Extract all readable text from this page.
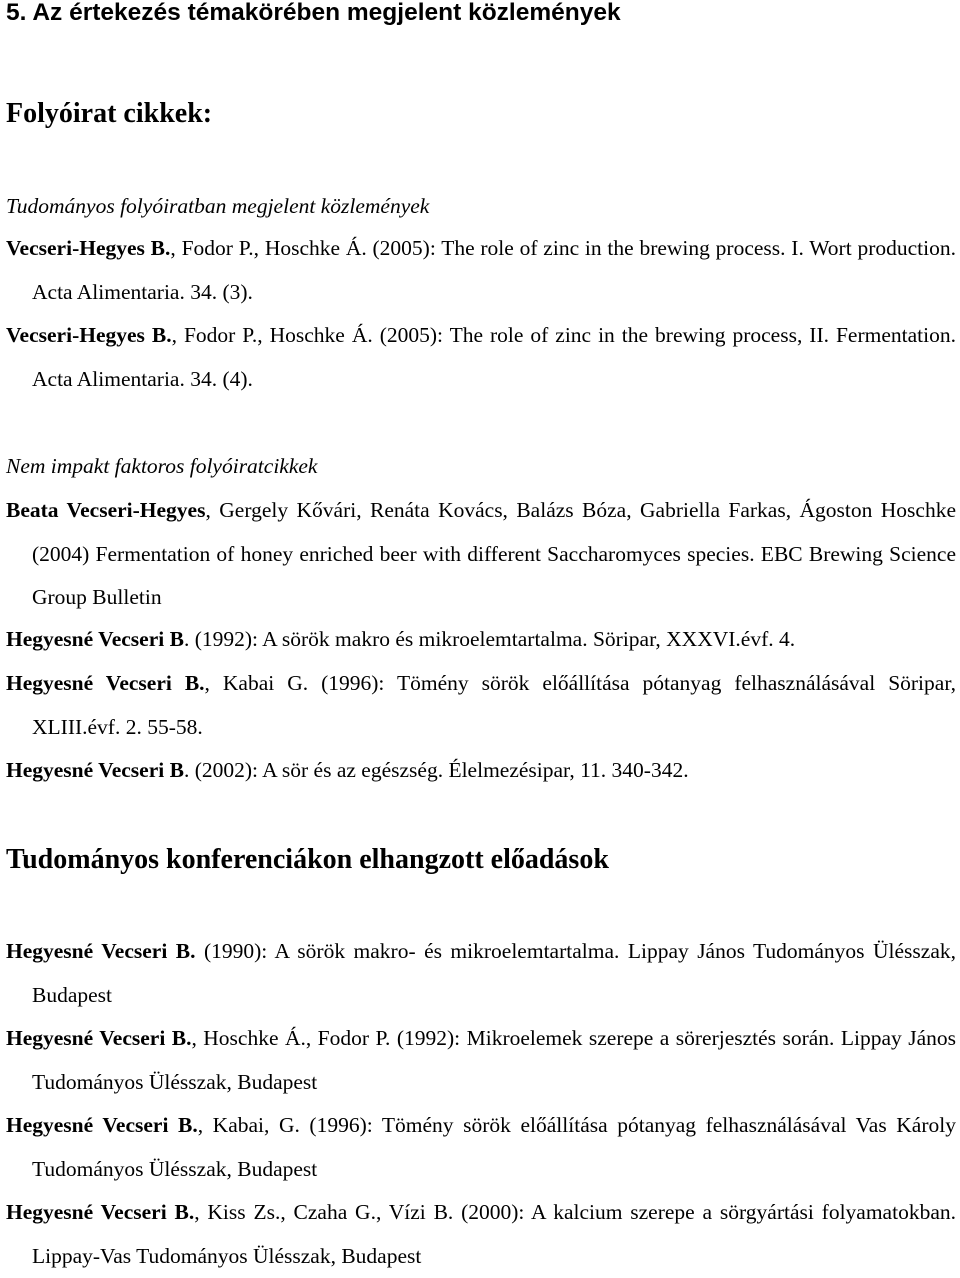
5. Az értekezés témakörében megjelent közlemények
Folyóirat cikkek:
Tudományos folyóiratban megjelent közlemények

Vecseri-Hegyes B., Fodor P., Hoschke Á. (2005): The role of zinc in the brewing process. I. Wort production. Acta Alimentaria. 34. (3).

Vecseri-Hegyes B., Fodor P., Hoschke Á. (2005): The role of zinc in the brewing process, II. Fermentation. Acta Alimentaria. 34. (4).

Nem impakt faktoros folyóiratcikkek

Beata Vecseri-Hegyes, Gergely Kővári, Renáta Kovács, Balázs Bóza, Gabriella Farkas, Ágoston Hoschke (2004) Fermentation of honey enriched beer with different Saccharomyces species. EBC Brewing Science Group Bulletin

Hegyesné Vecseri B. (1992): A sörök makro és mikroelemtartalma. Söripar, XXXVI.évf. 4.

Hegyesné Vecseri B., Kabai G. (1996): Tömény sörök előállítása pótanyag felhasználásával Söripar, XLIII.évf. 2. 55-58.

Hegyesné Vecseri B. (2002): A sör és az egészség. Élelmezésipar, 11. 340-342.

Tudományos konferenciákon elhangzott előadások

Hegyesné Vecseri B. (1990): A sörök makro- és mikroelemtartalma. Lippay János Tudományos Ülésszak, Budapest

Hegyesné Vecseri B., Hoschke Á., Fodor P. (1992): Mikroelemek szerepe a sörerjesztés során. Lippay János Tudományos Ülésszak, Budapest

Hegyesné Vecseri B., Kabai, G. (1996): Tömény sörök előállítása pótanyag felhasználásával Vas Károly Tudományos Ülésszak, Budapest

Hegyesné Vecseri B., Kiss Zs., Czaha G., Vízi B. (2000): A kalcium szerepe a sörgyártási folyamatokban. Lippay-Vas Tudományos Ülésszak, Budapest
